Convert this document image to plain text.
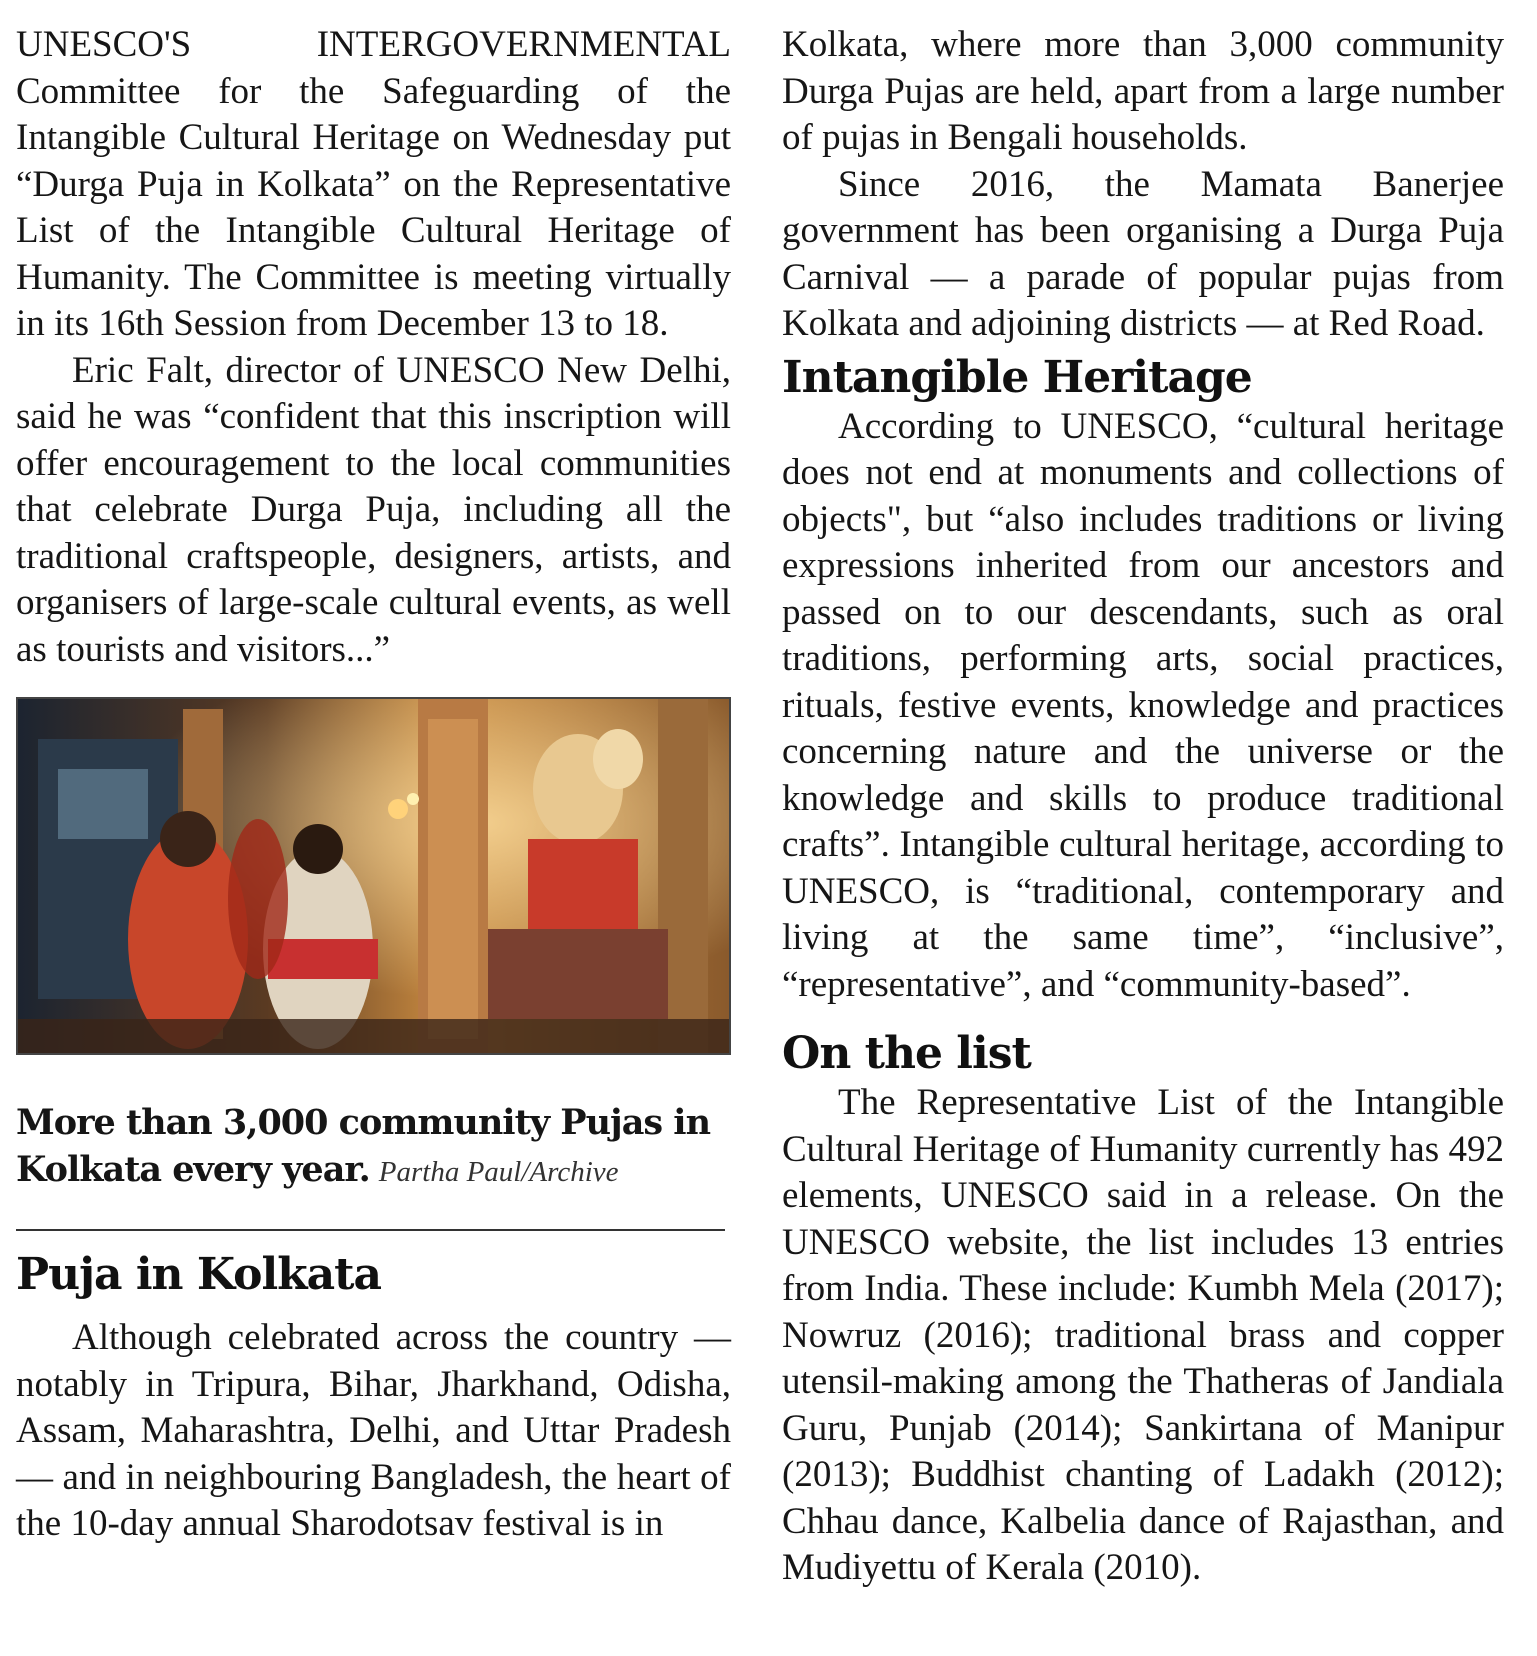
UNESCO'S INTERGOVERNMENTAL Committee for the Safeguarding of the Intangible Cultural Heritage on Wednesday put “Durga Puja in Kolkata” on the Representative List of the Intangible Cultural Heritage of Humanity. The Committee is meeting virtually in its 16th Session from December 13 to 18.

Eric Falt, director of UNESCO New Delhi, said he was “confident that this inscription will offer encouragement to the local communities that celebrate Durga Puja, including all the traditional craftspeople, designers, artists, and organisers of large-scale cultural events, as well as tourists and visitors...”

More than 3,000 community Pujas in Kolkata every year. Partha Paul/Archive
Puja in Kolkata

Although celebrated across the country — notably in Tripura, Bihar, Jharkhand, Odisha, Assam, Maharashtra, Delhi, and Uttar Pradesh — and in neighbouring Bangladesh, the heart of the 10-day annual Sharodotsav festival is in

Kolkata, where more than 3,000 community Durga Pujas are held, apart from a large number of pujas in Bengali households.

Since 2016, the Mamata Banerjee government has been organising a Durga Puja Carnival — a parade of popular pujas from Kolkata and adjoining districts — at Red Road.

Intangible Heritage

According to UNESCO, “cultural heritage does not end at monuments and collections of objects", but “also includes traditions or living expressions inherited from our ancestors and passed on to our descendants, such as oral traditions, performing arts, social practices, rituals, festive events, knowledge and practices concerning nature and the universe or the knowledge and skills to produce traditional crafts”. Intangible cultural heritage, according to UNESCO, is “traditional, contemporary and living at the same time”, “inclusive”, “representative”, and “community-based”.

On the list

The Representative List of the Intangible Cultural Heritage of Humanity currently has 492 elements, UNESCO said in a release. On the UNESCO website, the list includes 13 entries from India. These include: Kumbh Mela (2017); Nowruz (2016); traditional brass and copper utensil-making among the Thatheras of Jandiala Guru, Punjab (2014); Sankirtana of Manipur (2013); Buddhist chanting of Ladakh (2012); Chhau dance, Kalbelia dance of Rajasthan, and Mudiyettu of Kerala (2010).
